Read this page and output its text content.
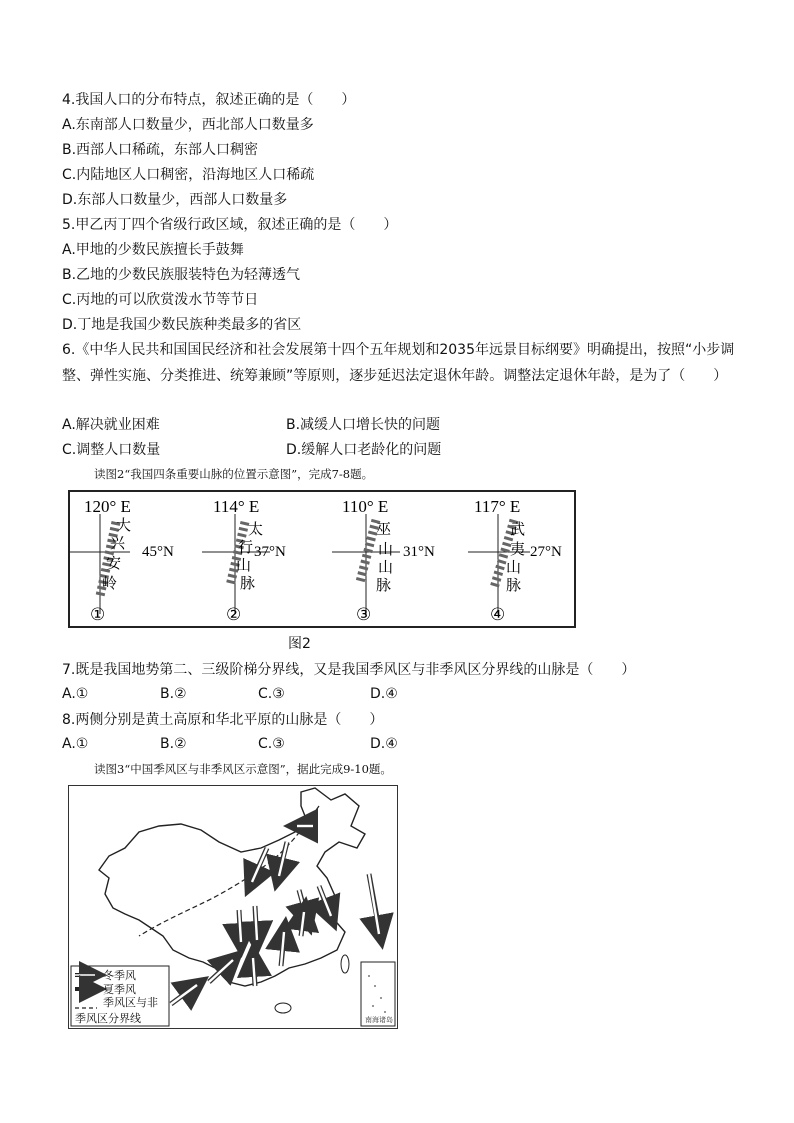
4.我国人口的分布特点，叙述正确的是（　　）
A.东南部人口数量少，西北部人口数量多
B.西部人口稀疏，东部人口稠密
C.内陆地区人口稠密，沿海地区人口稀疏
D.东部人口数量少，西部人口数量多
5.甲乙丙丁四个省级行政区域，叙述正确的是（　　）
A.甲地的少数民族擅长手鼓舞
B.乙地的少数民族服装特色为轻薄透气
C.丙地的可以欣赏泼水节等节日
D.丁地是我国少数民族种类最多的省区
6.《中华人民共和国国民经济和社会发展第十四个五年规划和2035年远景目标纲要》明确提出，按照“小步调整、弹性实施、分类推进、统筹兼顾”等原则，逐步延迟法定退休年龄。调整法定退休年龄，是为了（　　）
A.解决就业困难	B.减缓人口增长快的问题
C.调整人口数量	D.缓解人口老龄化的问题
读图2“我国四条重要山脉的位置示意图”，完成7-8题。
120° E
45°N
大
兴
安
岭
①
114° E
37°N
太
行
山
脉
②
110° E
31°N
巫
山
山
脉
③
117° E
27°N
武
夷
山
脉
④
图2
7.既是我国地势第二、三级阶梯分界线，又是我国季风区与非季风区分界线的山脉是（　　）
A.①	B.②	C.③	D.④
8.两侧分别是黄土高原和华北平原的山脉是（　　）
A.①	B.②	C.③	D.④
读图3“中国季风区与非季风区示意图”，据此完成9-10题。
南海诸岛
冬季风
夏季风
季风区与非
季风区分界线
